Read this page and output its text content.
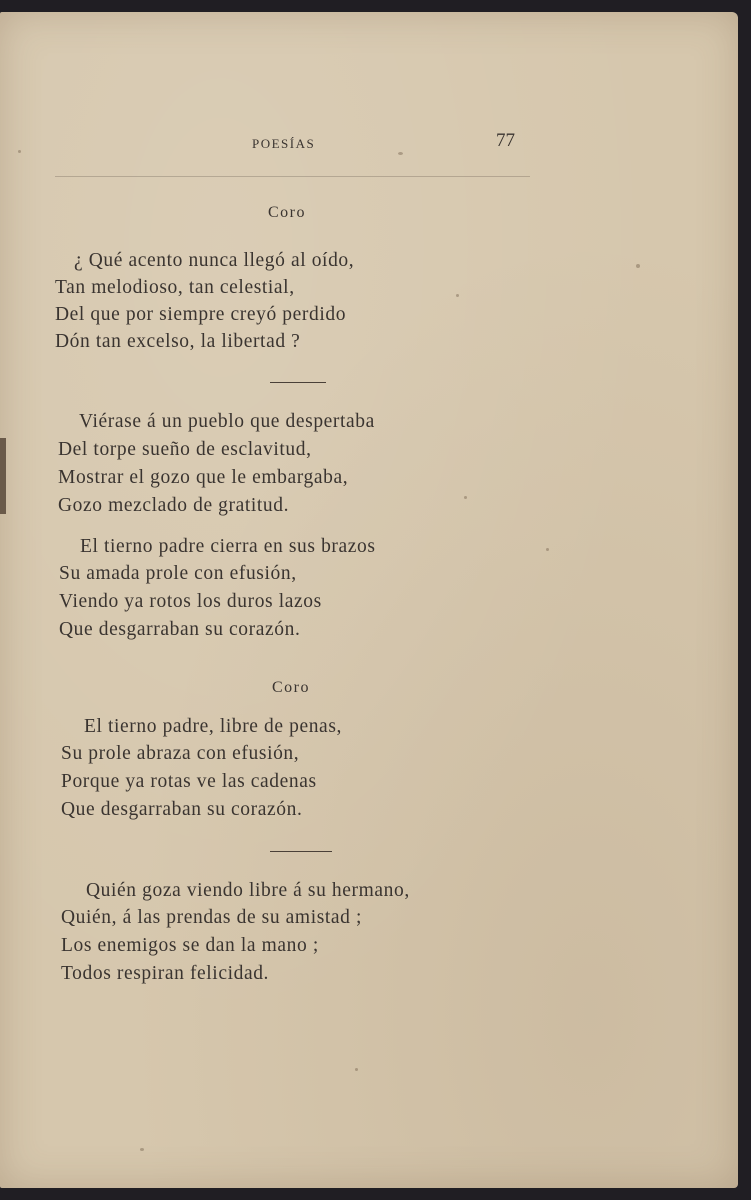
POESÍAS	77
Coro
¿ Qué acento nunca llegó al oído,
Tan melodioso, tan celestial,
Del que por siempre creyó perdido
Dón tan excelso, la libertad ?
Viérase á un pueblo que despertaba
Del torpe sueño de esclavitud,
Mostrar el gozo que le embargaba,
Gozo mezclado de gratitud.
El tierno padre cierra en sus brazos
Su amada prole con efusión,
Viendo ya rotos los duros lazos
Que desgarraban su corazón.
Coro
El tierno padre, libre de penas,
Su prole abraza con efusión,
Porque ya rotas ve las cadenas
Que desgarraban su corazón.
Quién goza viendo libre á su hermano,
Quién, á las prendas de su amistad ;
Los enemigos se dan la mano ;
Todos respiran felicidad.
